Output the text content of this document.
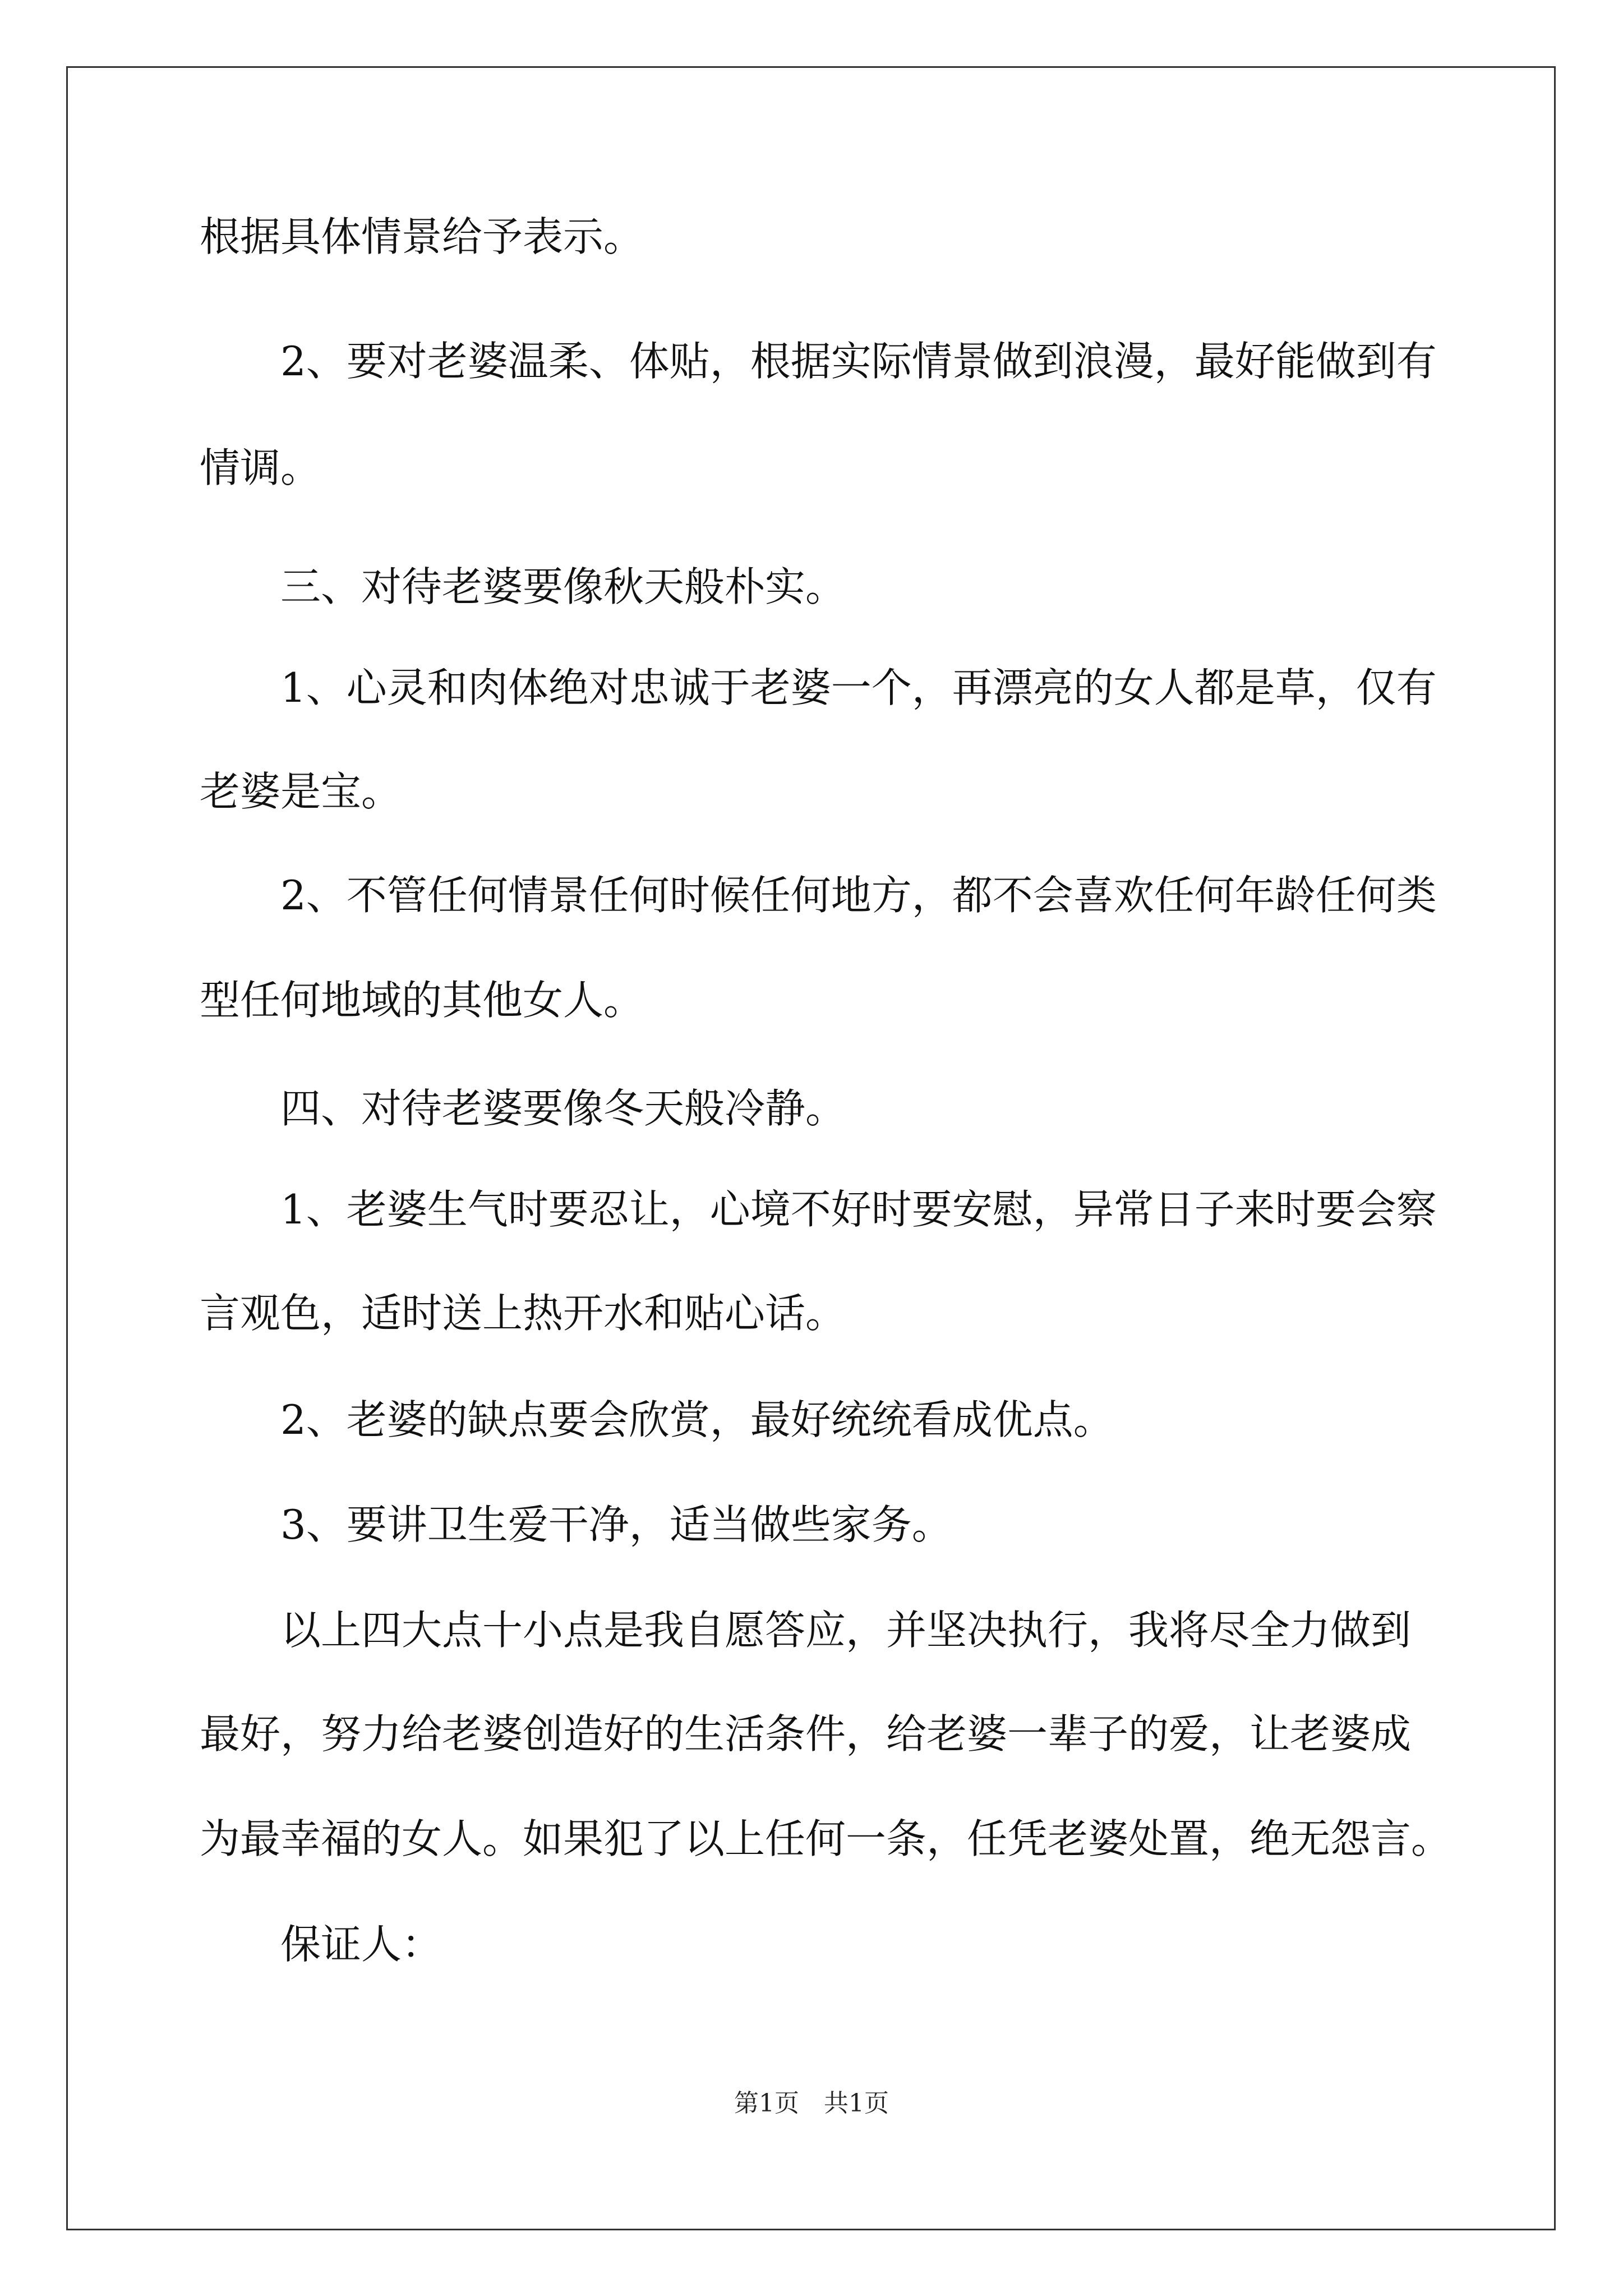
根据具体情景给予表示。
2、要对老婆温柔、体贴，根据实际情景做到浪漫，最好能做到有
情调。
三、对待老婆要像秋天般朴实。
1、心灵和肉体绝对忠诚于老婆一个，再漂亮的女人都是草，仅有
老婆是宝。
2、不管任何情景任何时候任何地方，都不会喜欢任何年龄任何类
型任何地域的其他女人。
四、对待老婆要像冬天般冷静。
1、老婆生气时要忍让，心境不好时要安慰，异常日子来时要会察
言观色，适时送上热开水和贴心话。
2、老婆的缺点要会欣赏，最好统统看成优点。
3、要讲卫生爱干净，适当做些家务。
以上四大点十小点是我自愿答应，并坚决执行，我将尽全力做到
最好，努力给老婆创造好的生活条件，给老婆一辈子的爱，让老婆成
为最幸福的女人。如果犯了以上任何一条，任凭老婆处置，绝无怨言。
保证人：
第1页　共1页
